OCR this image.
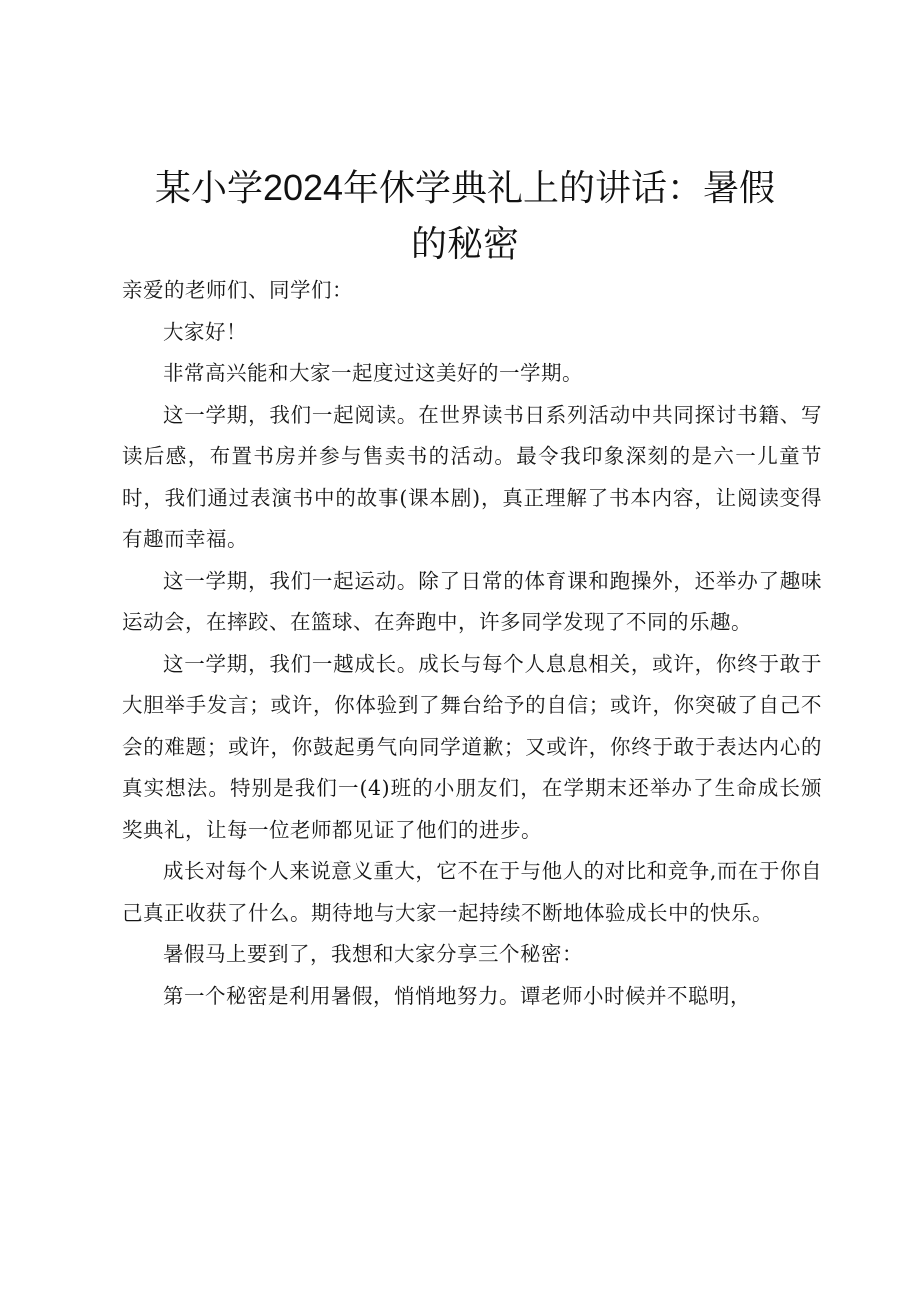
某小学2024年休学典礼上的讲话：暑假的秘密

亲爱的老师们、同学们：

大家好！

非常高兴能和大家一起度过这美好的一学期。

这一学期，我们一起阅读。在世界读书日系列活动中共同探讨书籍、写读后感，布置书房并参与售卖书的活动。最令我印象深刻的是六一儿童节时，我们通过表演书中的故事(课本剧)，真正理解了书本内容，让阅读变得有趣而幸福。

这一学期，我们一起运动。除了日常的体育课和跑操外，还举办了趣味运动会，在摔跤、在篮球、在奔跑中，许多同学发现了不同的乐趣。

这一学期，我们一越成长。成长与每个人息息相关，或许，你终于敢于大胆举手发言；或许，你体验到了舞台给予的自信；或许，你突破了自己不会的难题；或许，你鼓起勇气向同学道歉；又或许，你终于敢于表达内心的真实想法。特别是我们一(4)班的小朋友们，在学期末还举办了生命成长颁奖典礼，让每一位老师都见证了他们的进步。

成长对每个人来说意义重大，它不在于与他人的对比和竞争,而在于你自己真正收获了什么。期待地与大家一起持续不断地体验成长中的快乐。

暑假马上要到了，我想和大家分享三个秘密：

第一个秘密是利用暑假，悄悄地努力。谭老师小时候并不聪明，
